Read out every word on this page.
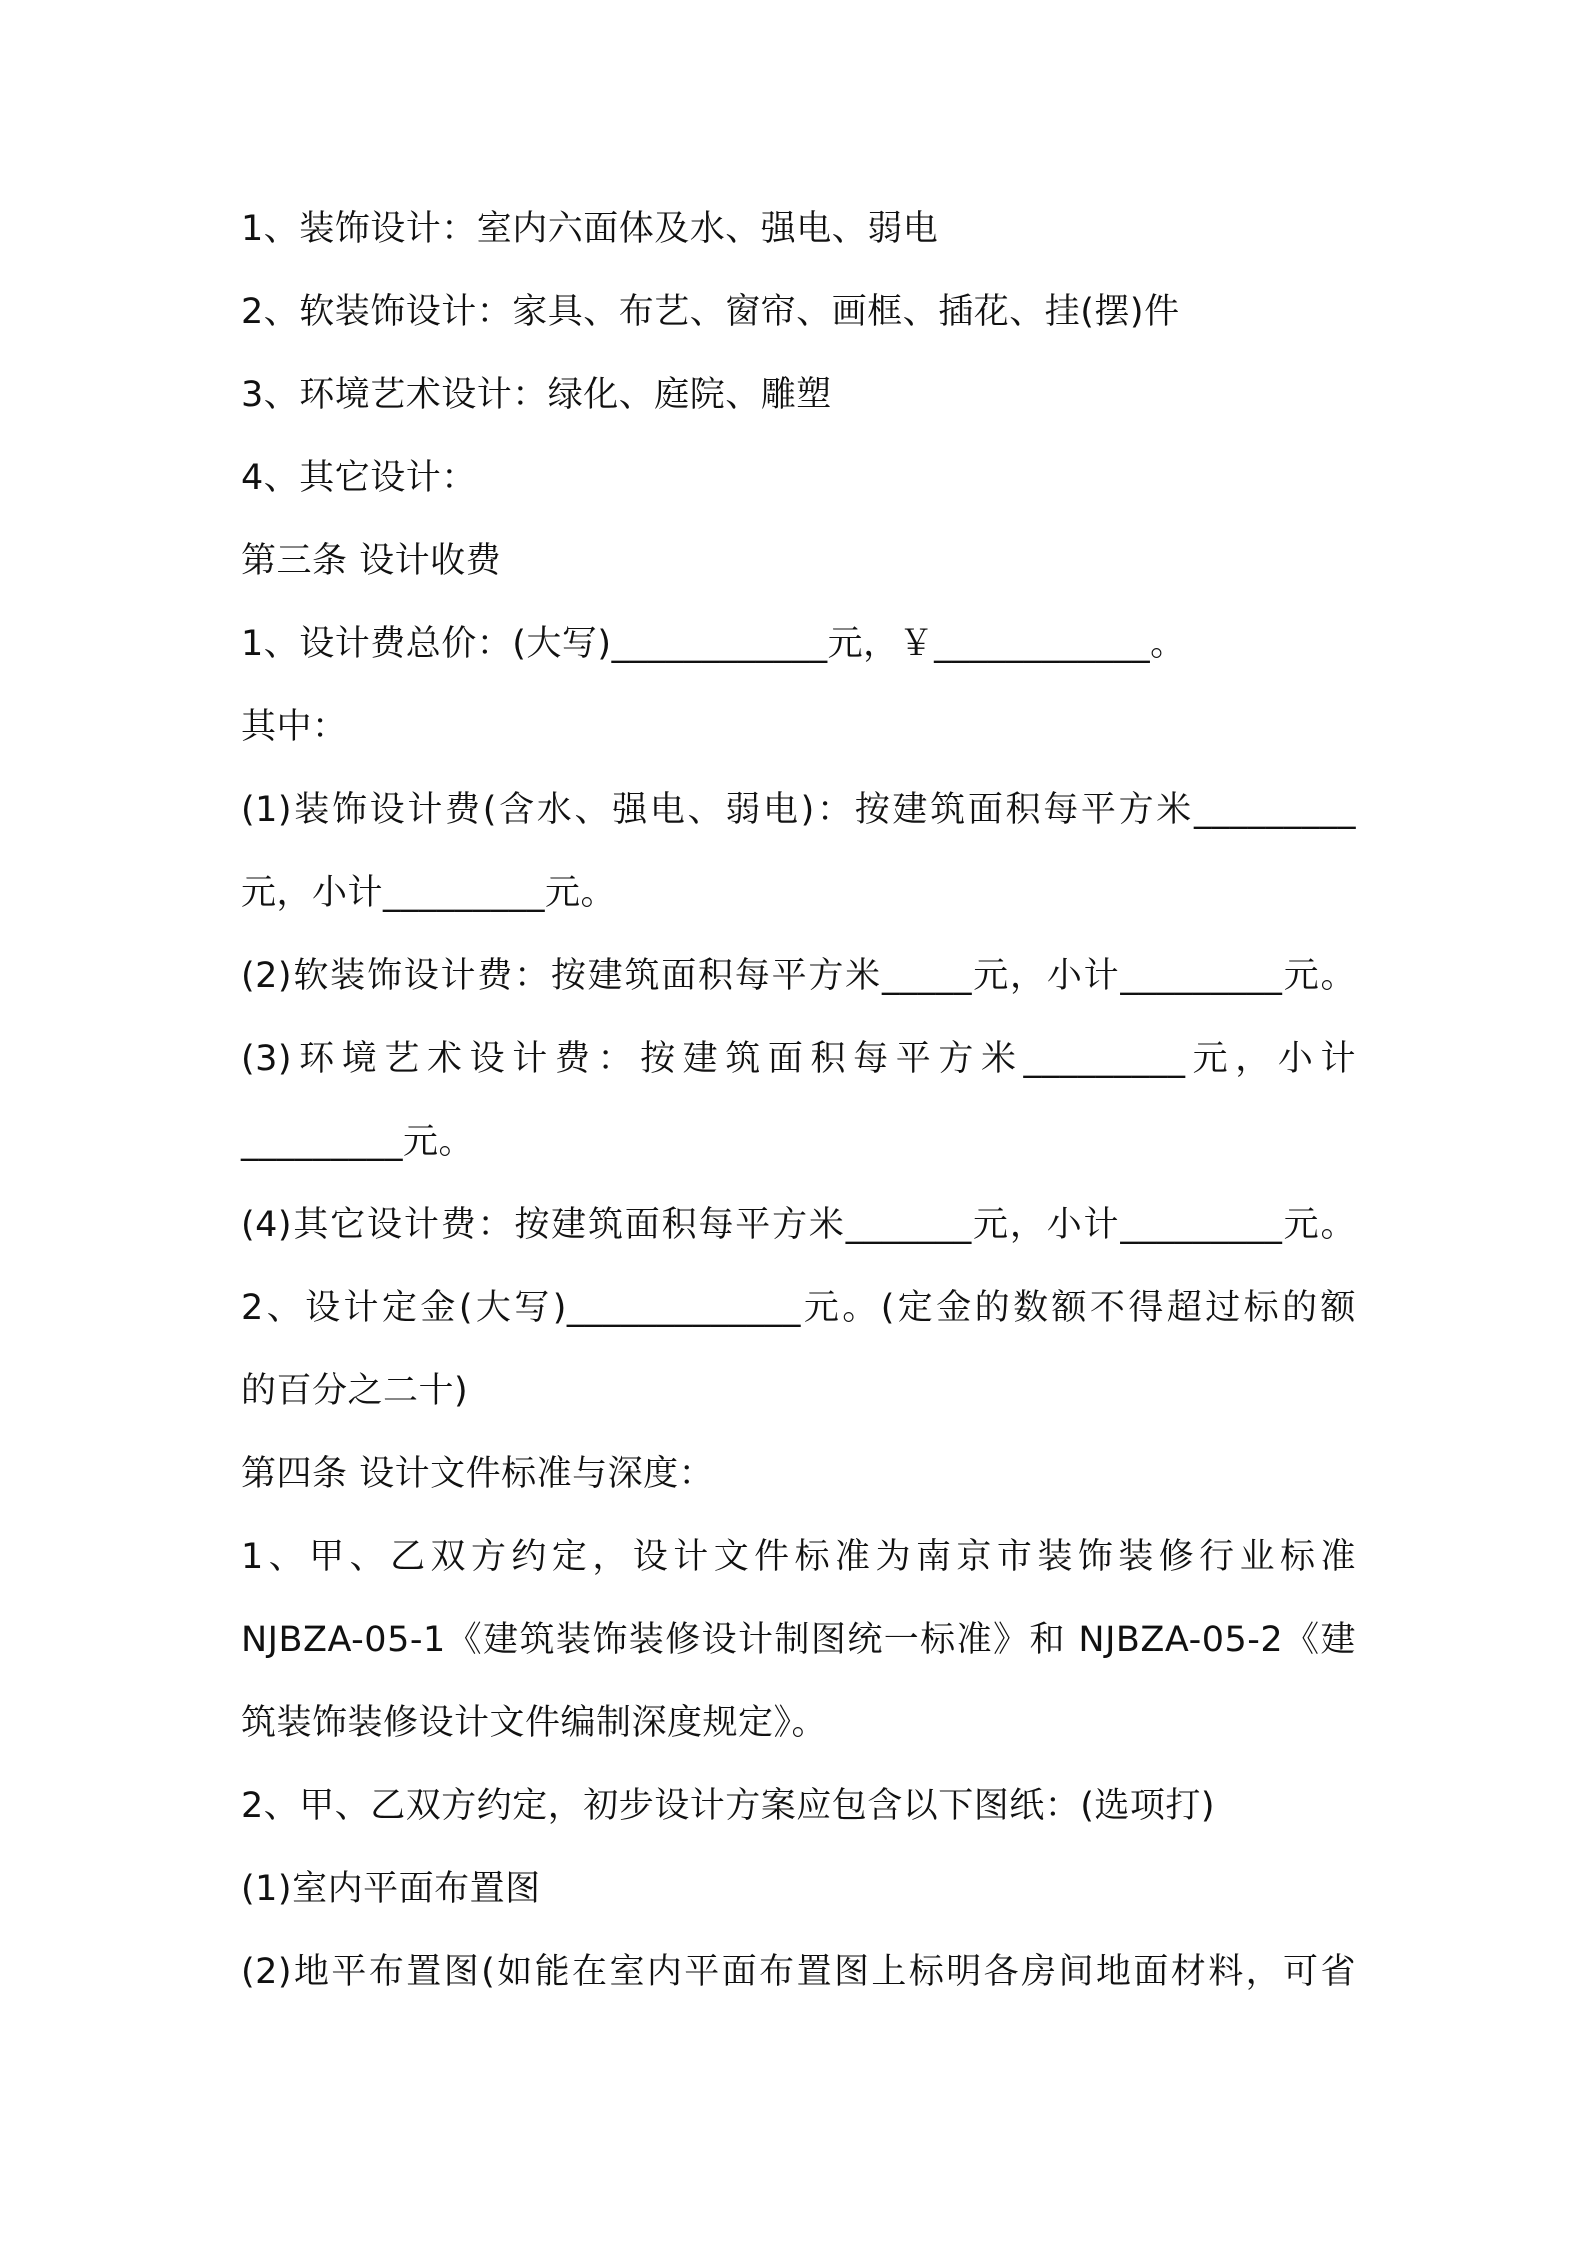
1、装饰设计：室内六面体及水、强电、弱电
2、软装饰设计：家具、布艺、窗帘、画框、插花、挂(摆)件
3、环境艺术设计：绿化、庭院、雕塑
4、其它设计：
第三条 设计收费
1、设计费总价：(大写)____________元，￥____________。
其中：
(1)装饰设计费(含水、强电、弱电)：按建筑面积每平方米_________
元，小计_________元。
(2)软装饰设计费：按建筑面积每平方米_____元，小计_________元。
(3)环境艺术设计费：按建筑面积每平方米_________元，小计
_________元。
(4)其它设计费：按建筑面积每平方米_______元，小计_________元。
2、设计定金(大写)_____________元。(定金的数额不得超过标的额
的百分之二十)
第四条 设计文件标准与深度：
1、甲、乙双方约定，设计文件标准为南京市装饰装修行业标准
NJBZA-05-1《建筑装饰装修设计制图统一标准》和 NJBZA-05-2《建
筑装饰装修设计文件编制深度规定》。
2、甲、乙双方约定，初步设计方案应包含以下图纸：(选项打)
(1)室内平面布置图
(2)地平布置图(如能在室内平面布置图上标明各房间地面材料，可省
